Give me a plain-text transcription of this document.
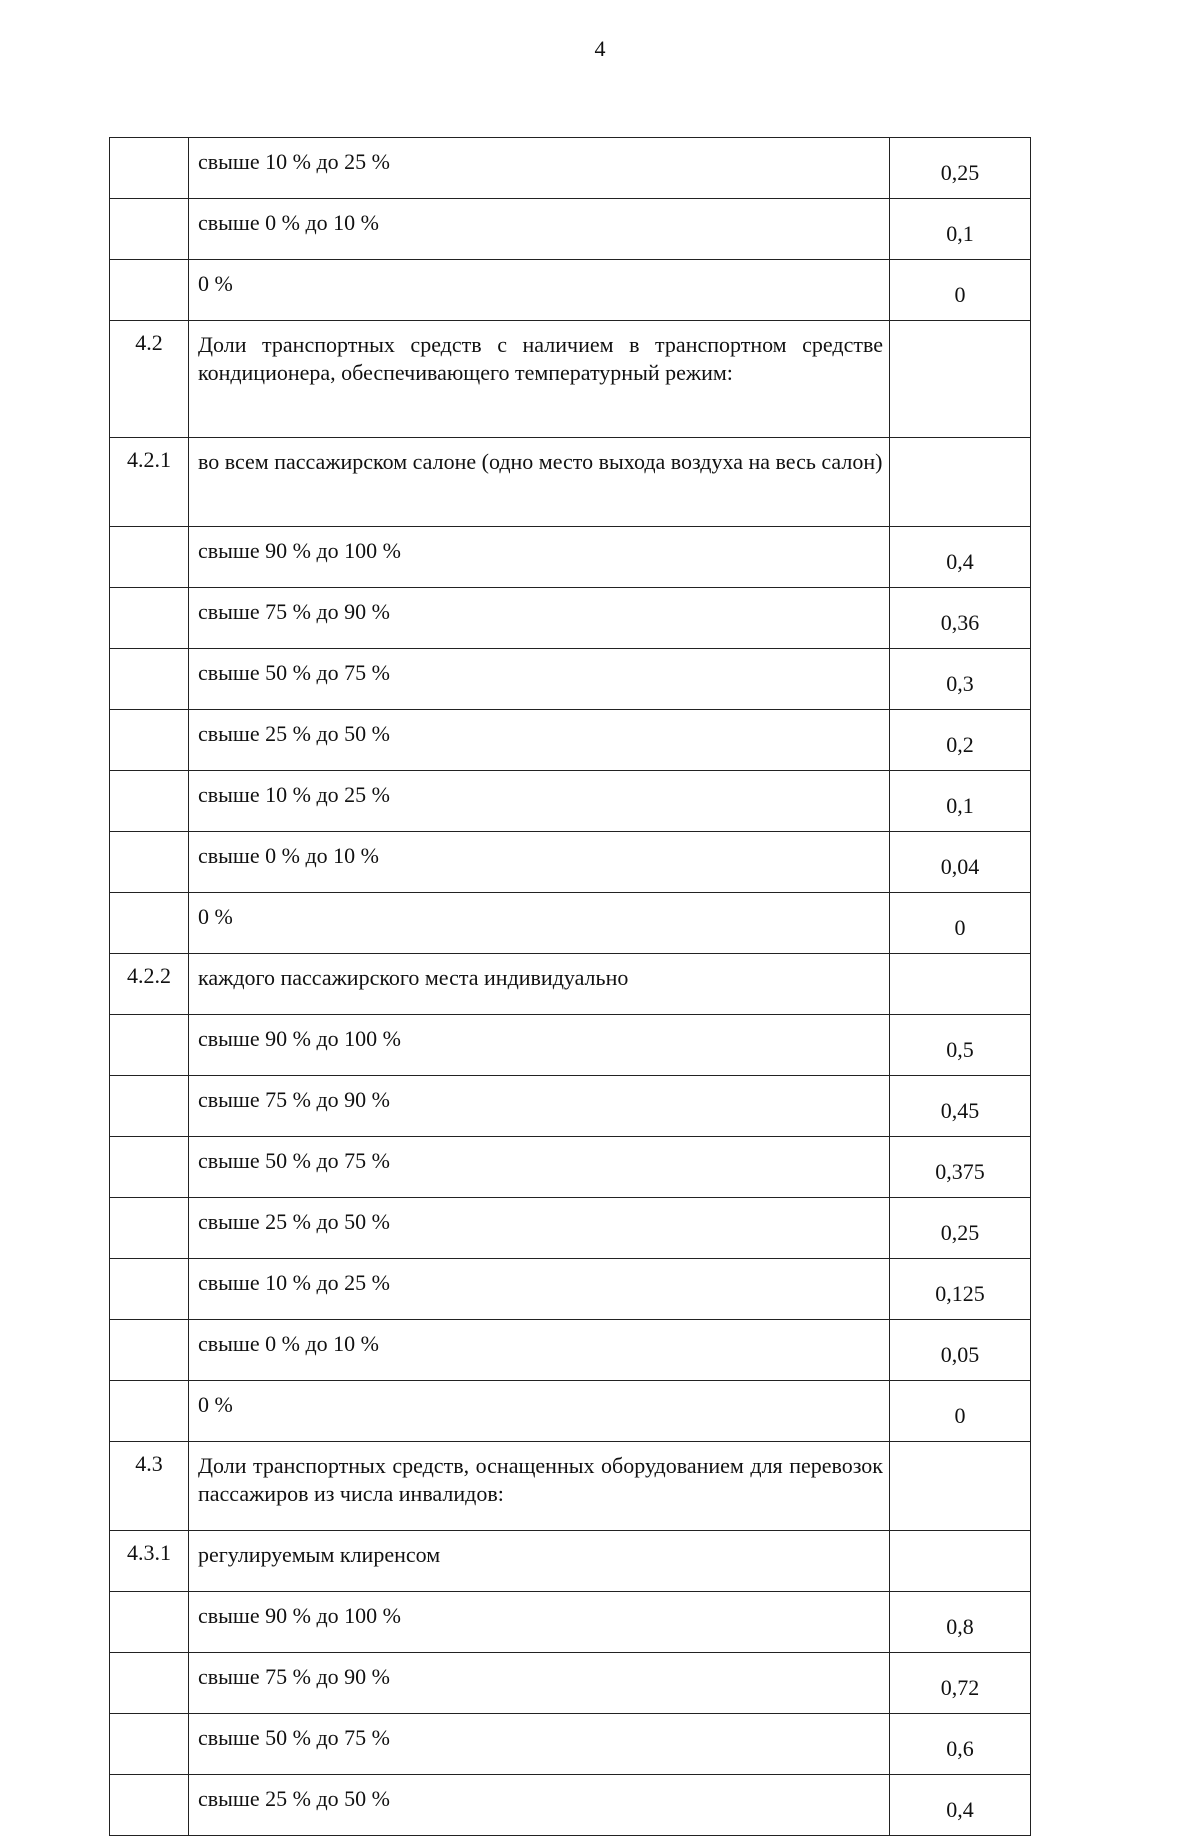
4
	свыше 10 % до 25 %	0,25
	свыше 0 % до 10 %	0,1
	0 %	0
4.2	Доли транспортных средств с наличием в транспортном средстве кондиционера, обеспечивающего температурный режим:	
4.2.1	во всем пассажирском салоне (одно место выхода воздуха на весь салон)	
	свыше 90 % до 100 %	0,4
	свыше 75 % до 90 %	0,36
	свыше 50 % до 75 %	0,3
	свыше 25 % до 50 %	0,2
	свыше 10 % до 25 %	0,1
	свыше 0 % до 10 %	0,04
	0 %	0
4.2.2	каждого пассажирского места индивидуально	
	свыше 90 % до 100 %	0,5
	свыше 75 % до 90 %	0,45
	свыше 50 % до 75 %	0,375
	свыше 25 % до 50 %	0,25
	свыше 10 % до 25 %	0,125
	свыше 0 % до 10 %	0,05
	0 %	0
4.3	Доли транспортных средств, оснащенных оборудованием для перевозок пассажиров из числа инвалидов:	
4.3.1	регулируемым клиренсом	
	свыше 90 % до 100 %	0,8
	свыше 75 % до 90 %	0,72
	свыше 50 % до 75 %	0,6
	свыше 25 % до 50 %	0,4
